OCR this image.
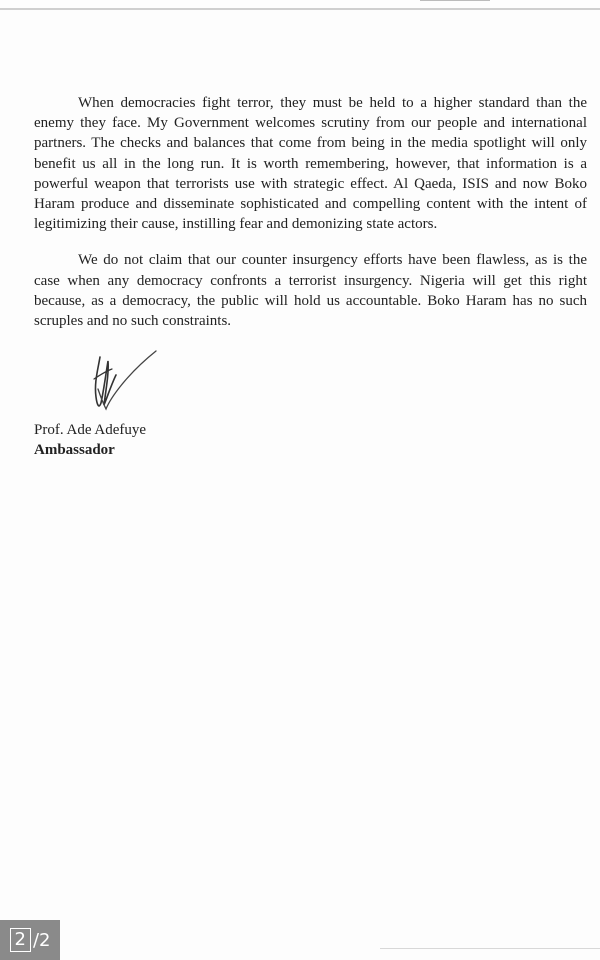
When democracies fight terror, they must be held to a higher standard than the enemy they face. My Government welcomes scrutiny from our people and international partners. The checks and balances that come from being in the media spotlight will only benefit us all in the long run. It is worth remembering, however, that information is a powerful weapon that terrorists use with strategic effect. Al Qaeda, ISIS and now Boko Haram produce and disseminate sophisticated and compelling content with the intent of legitimizing their cause, instilling fear and demonizing state actors.

We do not claim that our counter insurgency efforts have been flawless, as is the case when any democracy confronts a terrorist insurgency. Nigeria will get this right because, as a democracy, the public will hold us accountable. Boko Haram has no such scruples and no such constraints.

Prof. Ade Adefuye

Ambassador

2 /2
